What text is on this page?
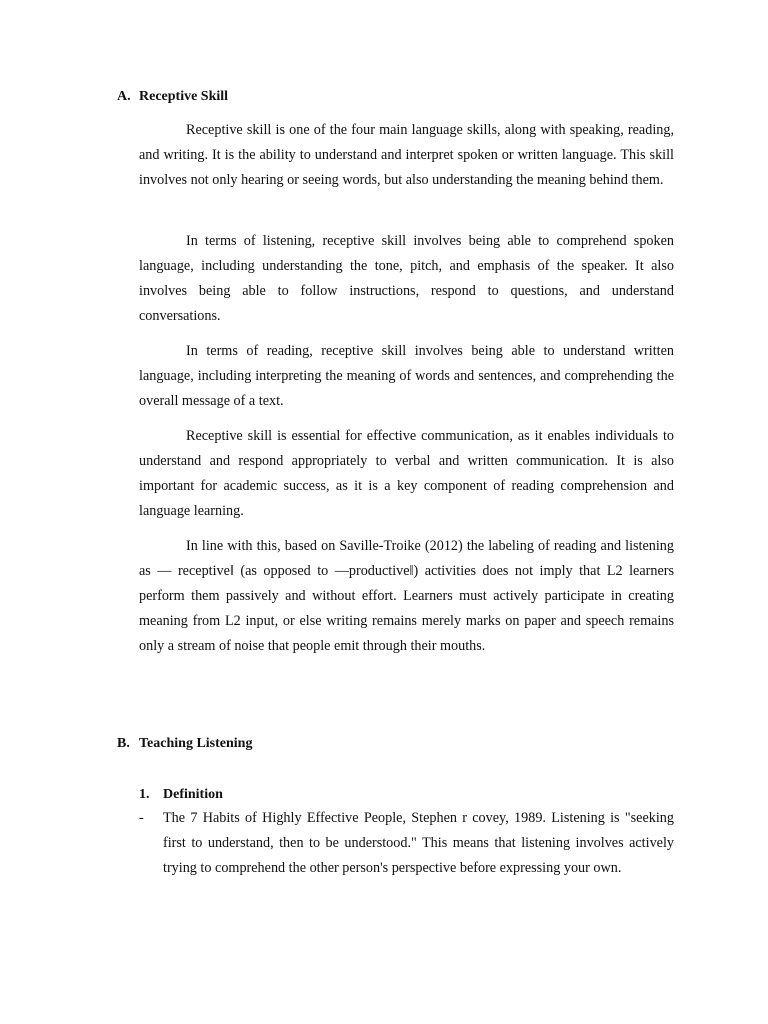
A. Receptive Skill

Receptive skill is one of the four main language skills, along with speaking, reading, and writing. It is the ability to understand and interpret spoken or written language. This skill involves not only hearing or seeing words, but also understanding the meaning behind them.

In terms of listening, receptive skill involves being able to comprehend spoken language, including understanding the tone, pitch, and emphasis of the speaker. It also involves being able to follow instructions, respond to questions, and understand conversations.

In terms of reading, receptive skill involves being able to understand written language, including interpreting the meaning of words and sentences, and comprehending the overall message of a text.

Receptive skill is essential for effective communication, as it enables individuals to understand and respond appropriately to verbal and written communication. It is also important for academic success, as it is a key component of reading comprehension and language learning.

In line with this, based on Saville-Troike (2012) the labeling of reading and listening as — receptive‖ (as opposed to —productive‖) activities does not imply that L2 learners perform them passively and without effort. Learners must actively participate in creating meaning from L2 input, or else writing remains merely marks on paper and speech remains only a stream of noise that people emit through their mouths.

B. Teaching Listening
1. Definition
- The 7 Habits of Highly Effective People, Stephen r covey, 1989. Listening is "seeking first to understand, then to be understood." This means that listening involves actively trying to comprehend the other person's perspective before expressing your own.
